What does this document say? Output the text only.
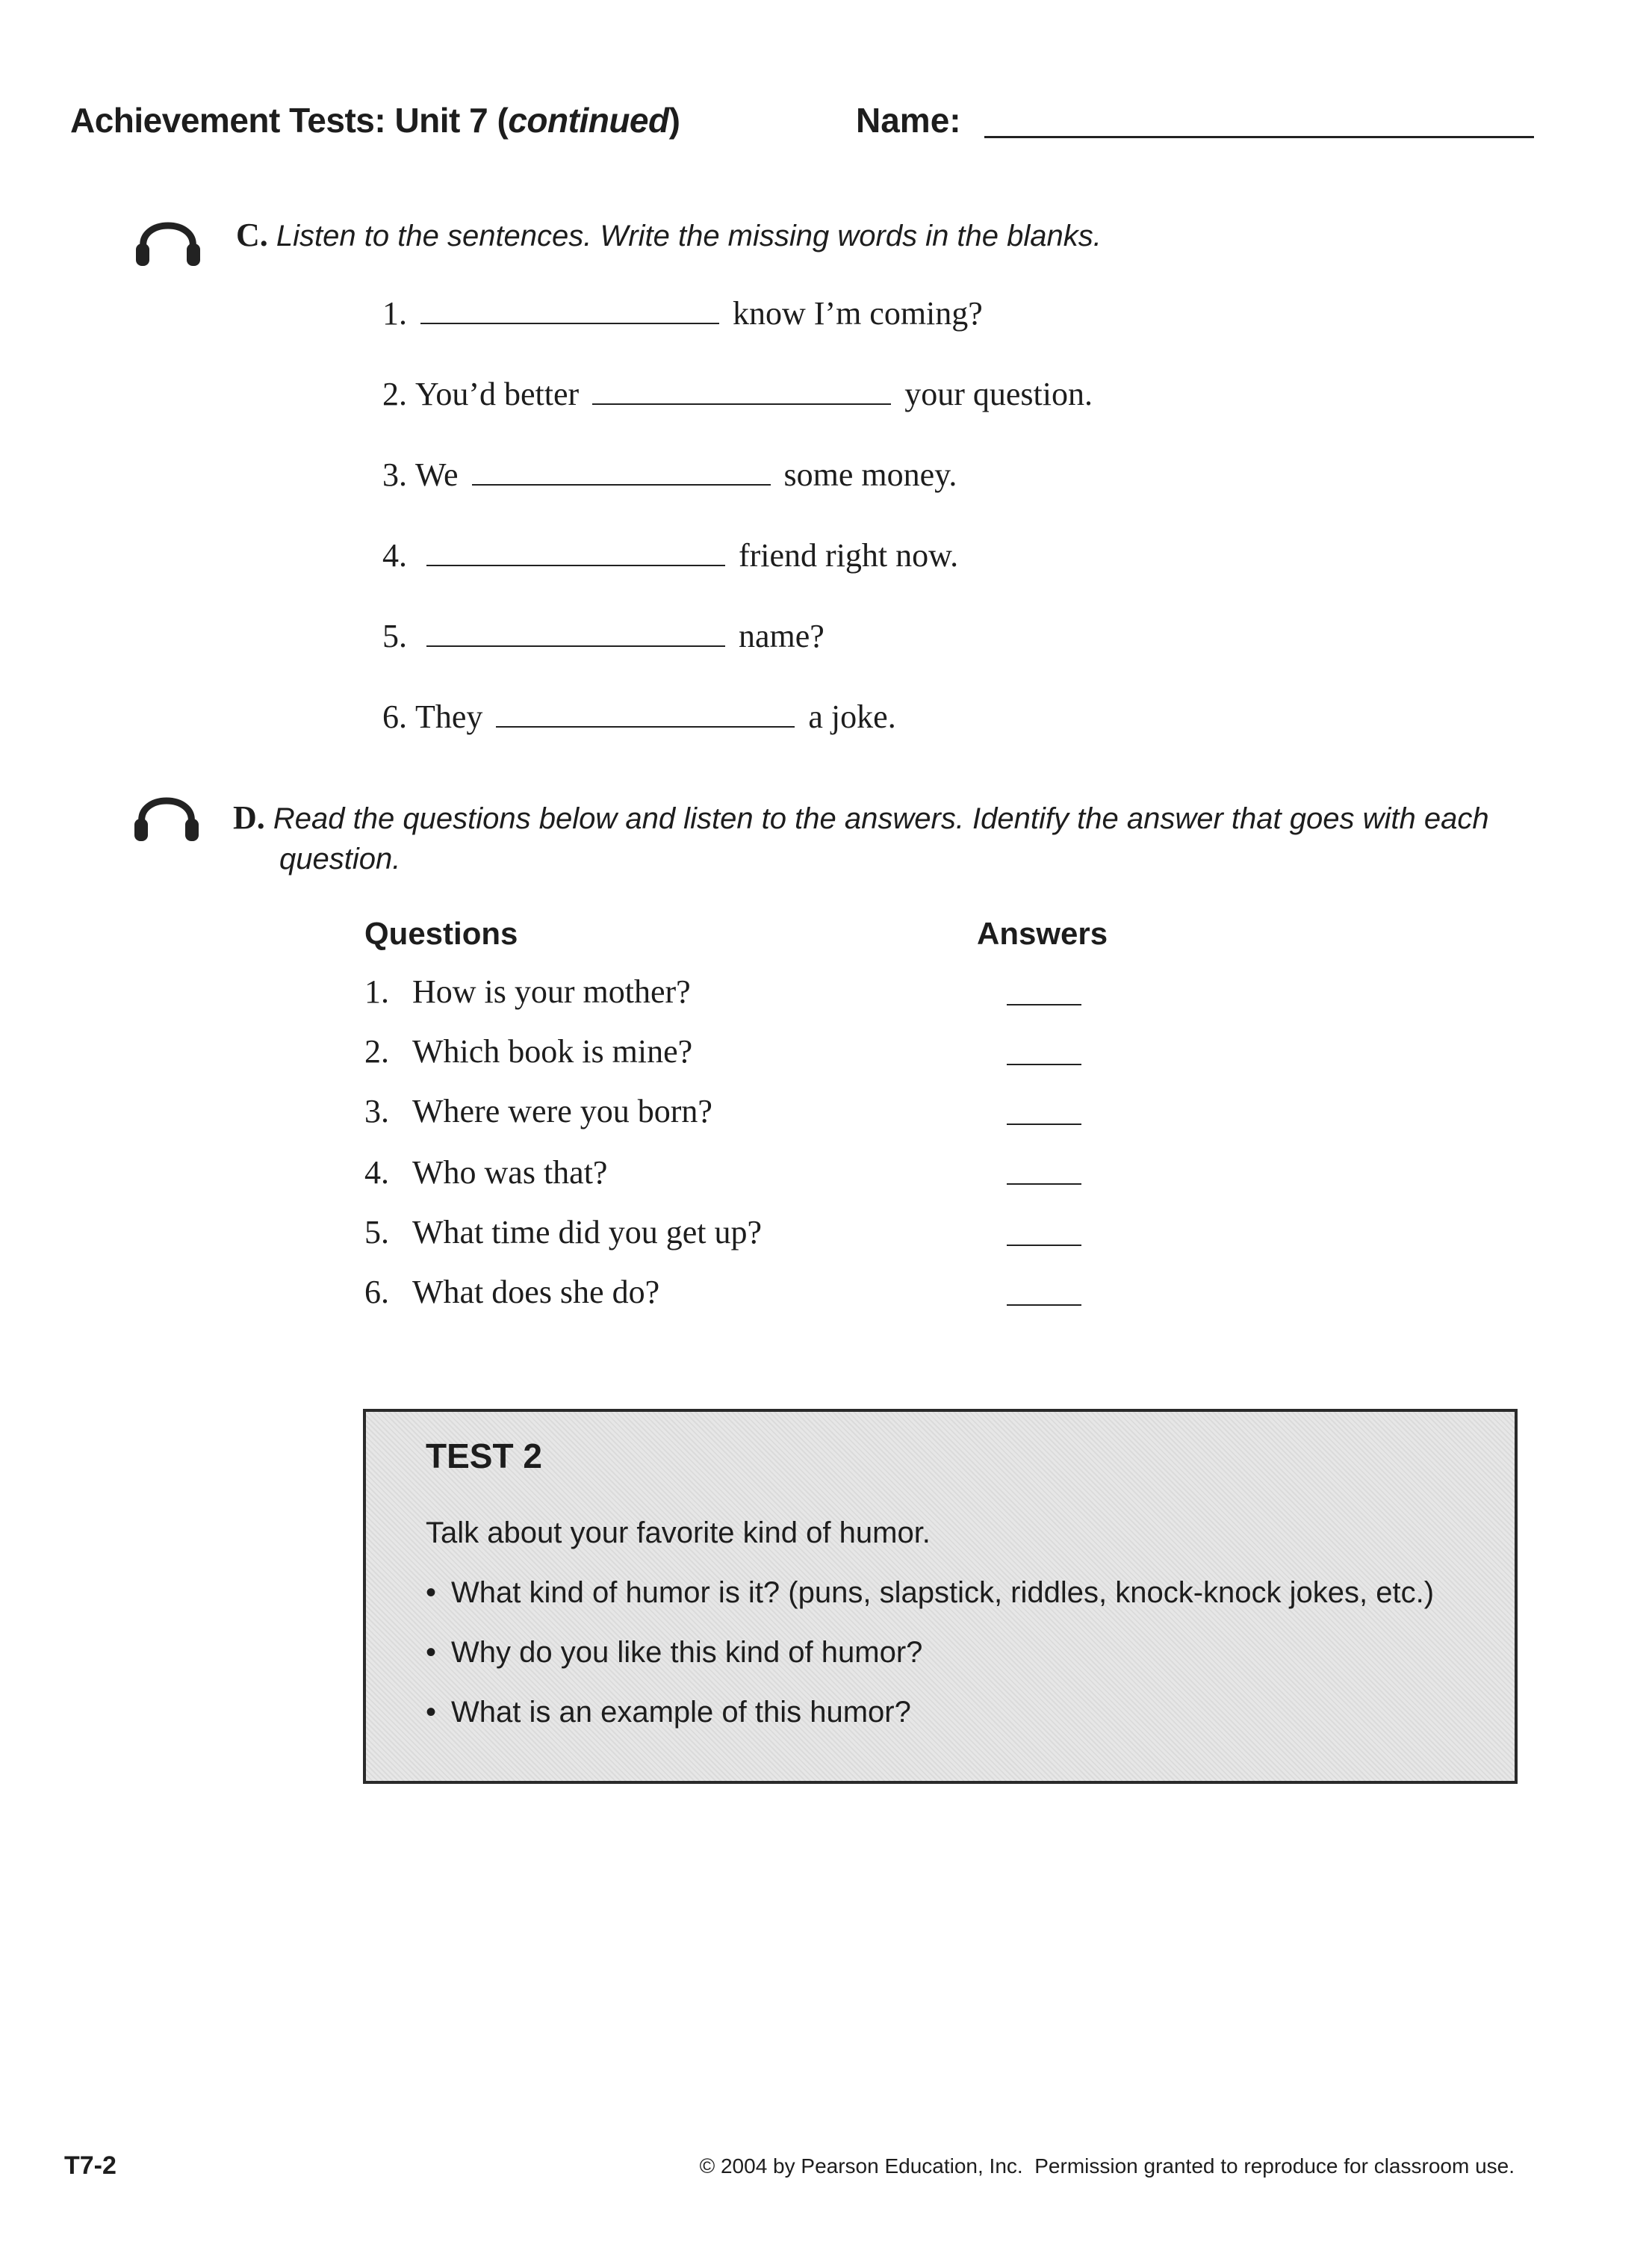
Achievement Tests: Unit 7 (continued)	Name:
C. Listen to the sentences. Write the missing words in the blanks.
1.	know I’m coming?
2.
You’d better	your question.
3.
We	some money.
4.	friend right now.
5.	name?
6.
They	a joke.
D. Read the questions below and listen to the answers. Identify the answer that goes with each
question.
Questions	Answers
1. How is your mother?
2. Which book is mine?
3. Where were you born?
4. Who was that?
5. What time did you get up?
6. What does she do?
TEST 2
Talk about your favorite kind of humor.
• What kind of humor is it? (puns, slapstick, riddles, knock-knock jokes, etc.)
• Why do you like this kind of humor?
• What is an example of this humor?
T7-2	© 2004 by Pearson Education, Inc.  Permission granted to reproduce for classroom use.
